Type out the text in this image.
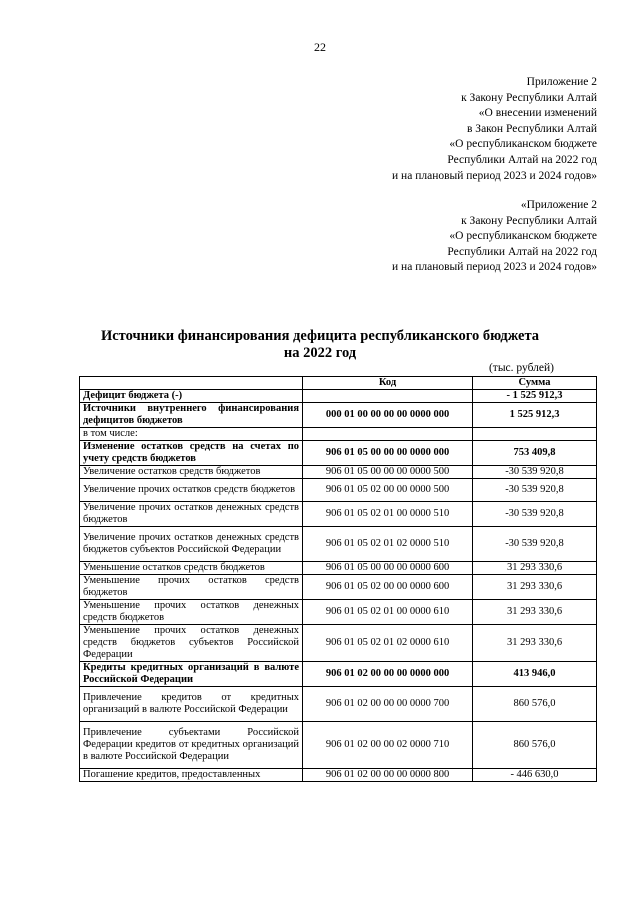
22
Приложение 2
к Закону Республики Алтай
«О внесении изменений
в Закон Республики Алтай
«О республиканском бюджете
Республики Алтай на 2022 год
и на плановый период 2023 и 2024 годов»
«Приложение 2
к Закону Республики Алтай
«О республиканском бюджете
Республики Алтай на 2022 год
и на плановый период 2023 и 2024 годов»
Источники финансирования дефицита республиканского бюджета
на 2022 год
(тыс. рублей)
	Код	Сумма
Дефицит бюджета (-)		- 1 525 912,3
Источники внутреннего финансирования дефицитов бюджетов	000 01 00 00 00 00 0000 000	1 525 912,3
в том числе:		
Изменение остатков средств на счетах по учету средств бюджетов	906 01 05 00 00 00 0000 000	753 409,8
Увеличение остатков средств бюджетов	906 01 05 00 00 00 0000 500	-30 539 920,8
Увеличение прочих остатков средств бюджетов	906 01 05 02 00 00 0000 500	-30 539 920,8
Увеличение прочих остатков денежных средств бюджетов	906 01 05 02 01 00 0000 510	-30 539 920,8
Увеличение прочих остатков денежных средств бюджетов субъектов Российской Федерации	906 01 05 02 01 02 0000 510	-30 539 920,8
Уменьшение остатков средств бюджетов	906 01 05 00 00 00 0000 600	31 293 330,6
Уменьшение прочих остатков средств бюджетов	906 01 05 02 00 00 0000 600	31 293 330,6
Уменьшение прочих остатков денежных средств бюджетов	906 01 05 02 01 00 0000 610	31 293 330,6
Уменьшение прочих остатков денежных средств бюджетов субъектов Российской Федерации	906 01 05 02 01 02 0000 610	31 293 330,6
Кредиты кредитных организаций в валюте Российской Федерации	906 01 02 00 00 00 0000 000	413 946,0
Привлечение кредитов от кредитных организаций в валюте Российской Федерации	906 01 02 00 00 00 0000 700	860 576,0
Привлечение субъектами Российской Федерации кредитов от кредитных организаций в валюте Российской Федерации	906 01 02 00 00 02 0000 710	860 576,0
Погашение кредитов, предоставленных	906 01 02 00 00 00 0000 800	- 446 630,0
